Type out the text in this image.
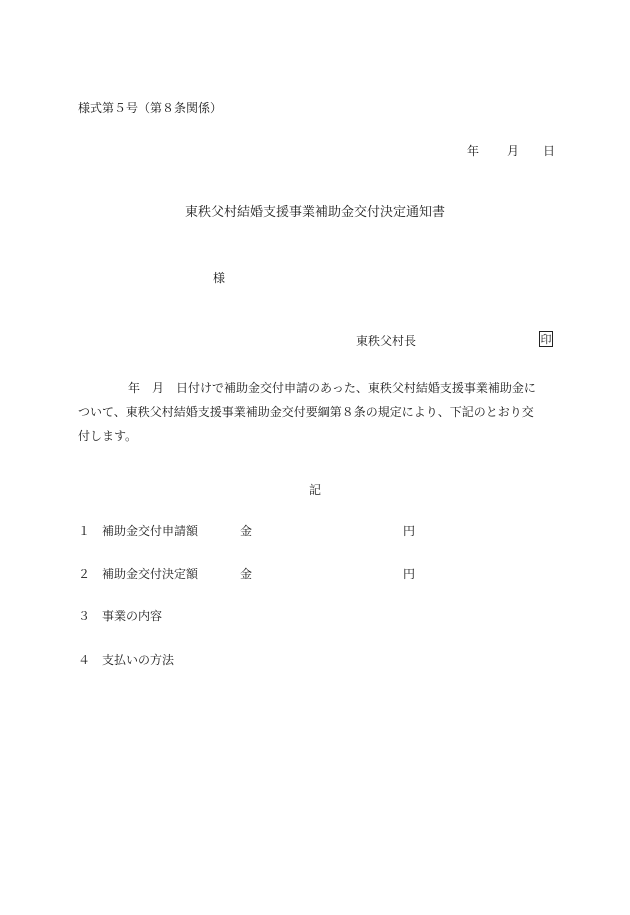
様式第５号（第８条関係）
年 月 日
東秩父村結婚支援事業補助金交付決定通知書
様
東秩父村長	印
年　月　日付けで補助金交付申請のあった、東秩父村結婚支援事業補助金に
ついて、東秩父村結婚支援事業補助金交付要綱第８条の規定により、下記のとおり交
付します。
記
１ 補助金交付申請額	金	円
２ 補助金交付決定額	金	円
３ 事業の内容
４ 支払いの方法
